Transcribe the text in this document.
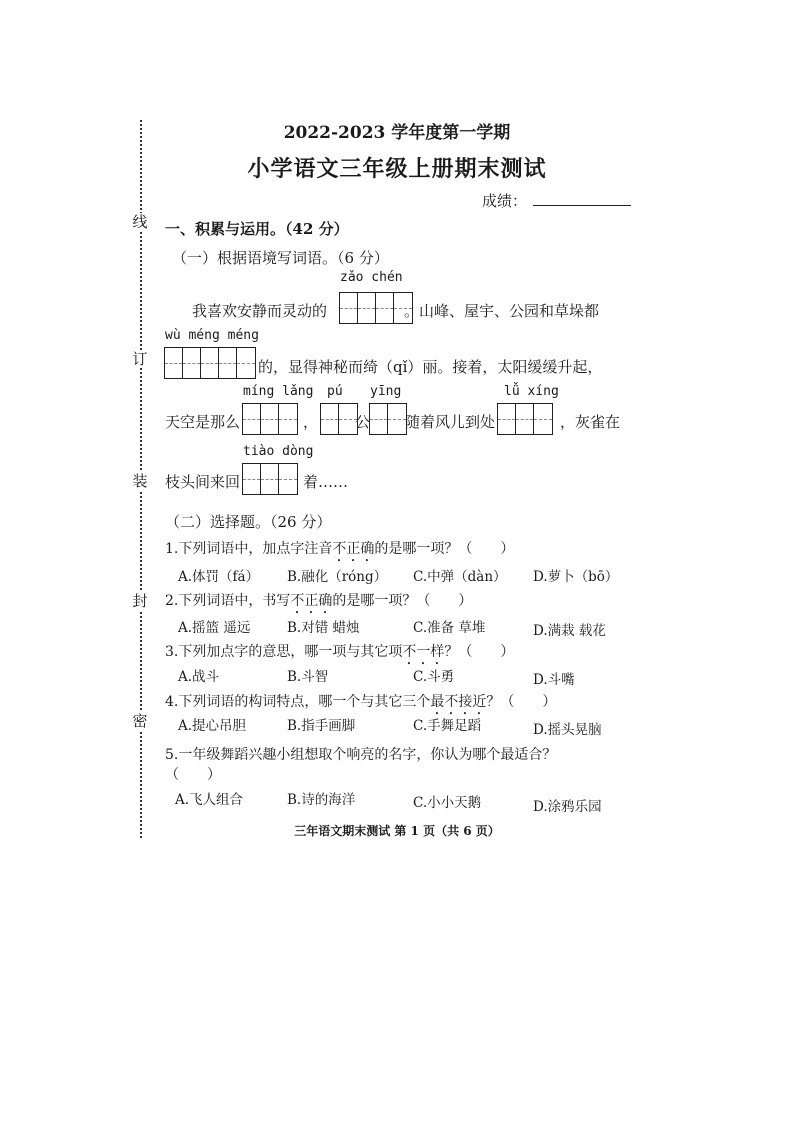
线
订
装
封
密
2022-2023 学年度第一学期
小学语文三年级上册期末测试
成绩：
一、积累与运用。（42 分）
（一）根据语境写词语。（6 分）
zǎo chén
我喜欢安静而灵动的	。山峰、屋宇、公园和草垛都
wù méng méng
的，显得神秘而绮（qǐ）丽。接着，太阳缓缓升起，
míng lǎng pú yīng	lǚ xíng
天空是那么	， 公 随着风儿到处	，灰雀在
tiào dòng
枝头间来回	着……
（二）选择题。（26 分）
1.下列词语中，加点字注音不正确的是哪一项？（　　）
A.体罚（fá） B.融化（róng） C.中弹（dàn） D.萝卜（bō）
2.下列词语中，书写不正确的是哪一项？（　　）
A.摇篮 遥远	B.对错 蜡烛	C.准备 草堆	D.满栽 载花
3.下列加点字的意思，哪一项与其它项不一样？（　　）
A.战斗	B.斗智	C.斗勇	D.斗嘴
4.下列词语的构词特点，哪一个与其它三个最不接近？（　　）
A.提心吊胆	B.指手画脚	C.手舞足蹈	D.摇头晃脑
5.一年级舞蹈兴趣小组想取个响亮的名字，你认为哪个最适合？
（　　）
A.飞人组合	B.诗的海洋	C.小小天鹅	D.涂鸦乐园
三年语文期末测试 第 1 页（共 6 页）
